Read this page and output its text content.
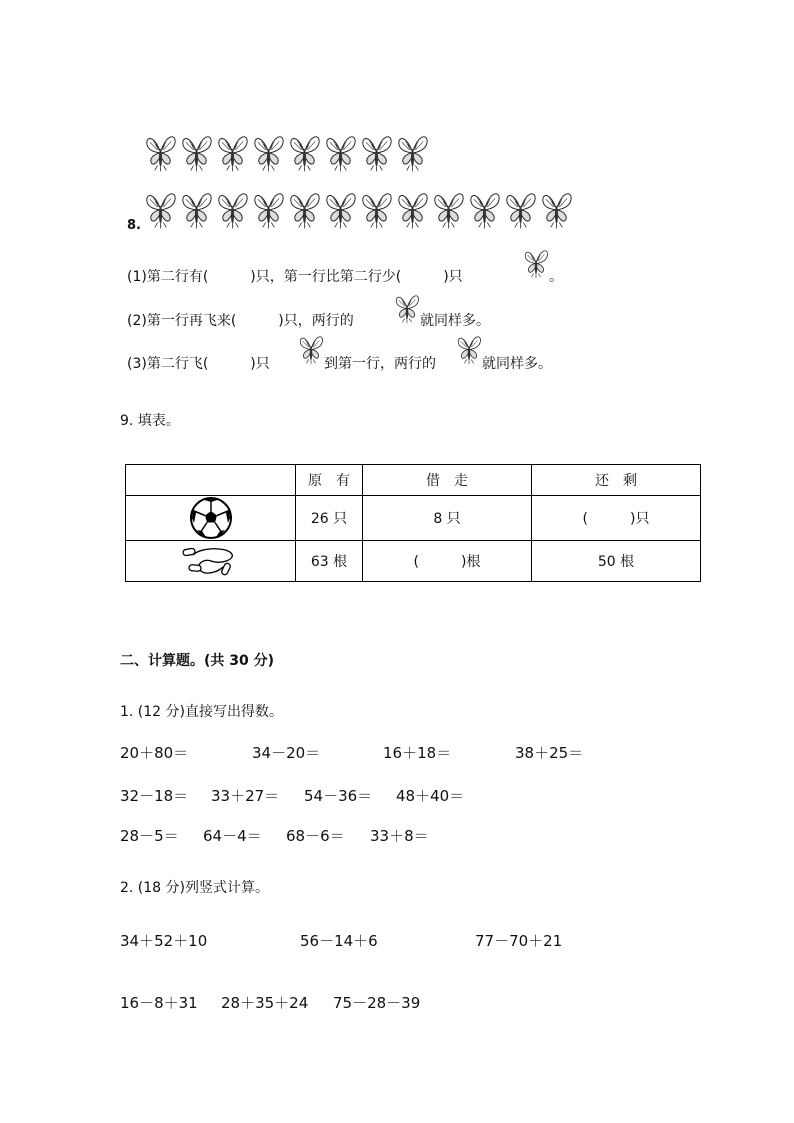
8.
(1)第二行有(　　　)只，第一行比第二行少(　　　)只	。
(2)第一行再飞来(　　　)只，两行的	就同样多。
(3)第二行飞(　　　)只	到第一行，两行的	就同样多。
9. 填表。
	原　有	借　走	还　剩

	26 只	8 只	(　　　)只

	63 根	(　　　)根	50 根
二、计算题。(共 30 分)
1. (12 分)直接写出得数。
20＋80＝	34－20＝	16＋18＝	38＋25＝
32－18＝ 33＋27＝ 54－36＝ 48＋40＝
28－5＝ 64－4＝ 68－6＝ 33＋8＝
2. (18 分)列竖式计算。
34＋52＋10	56－14＋6	77－70＋21
16－8＋31 28＋35＋24 75－28－39
